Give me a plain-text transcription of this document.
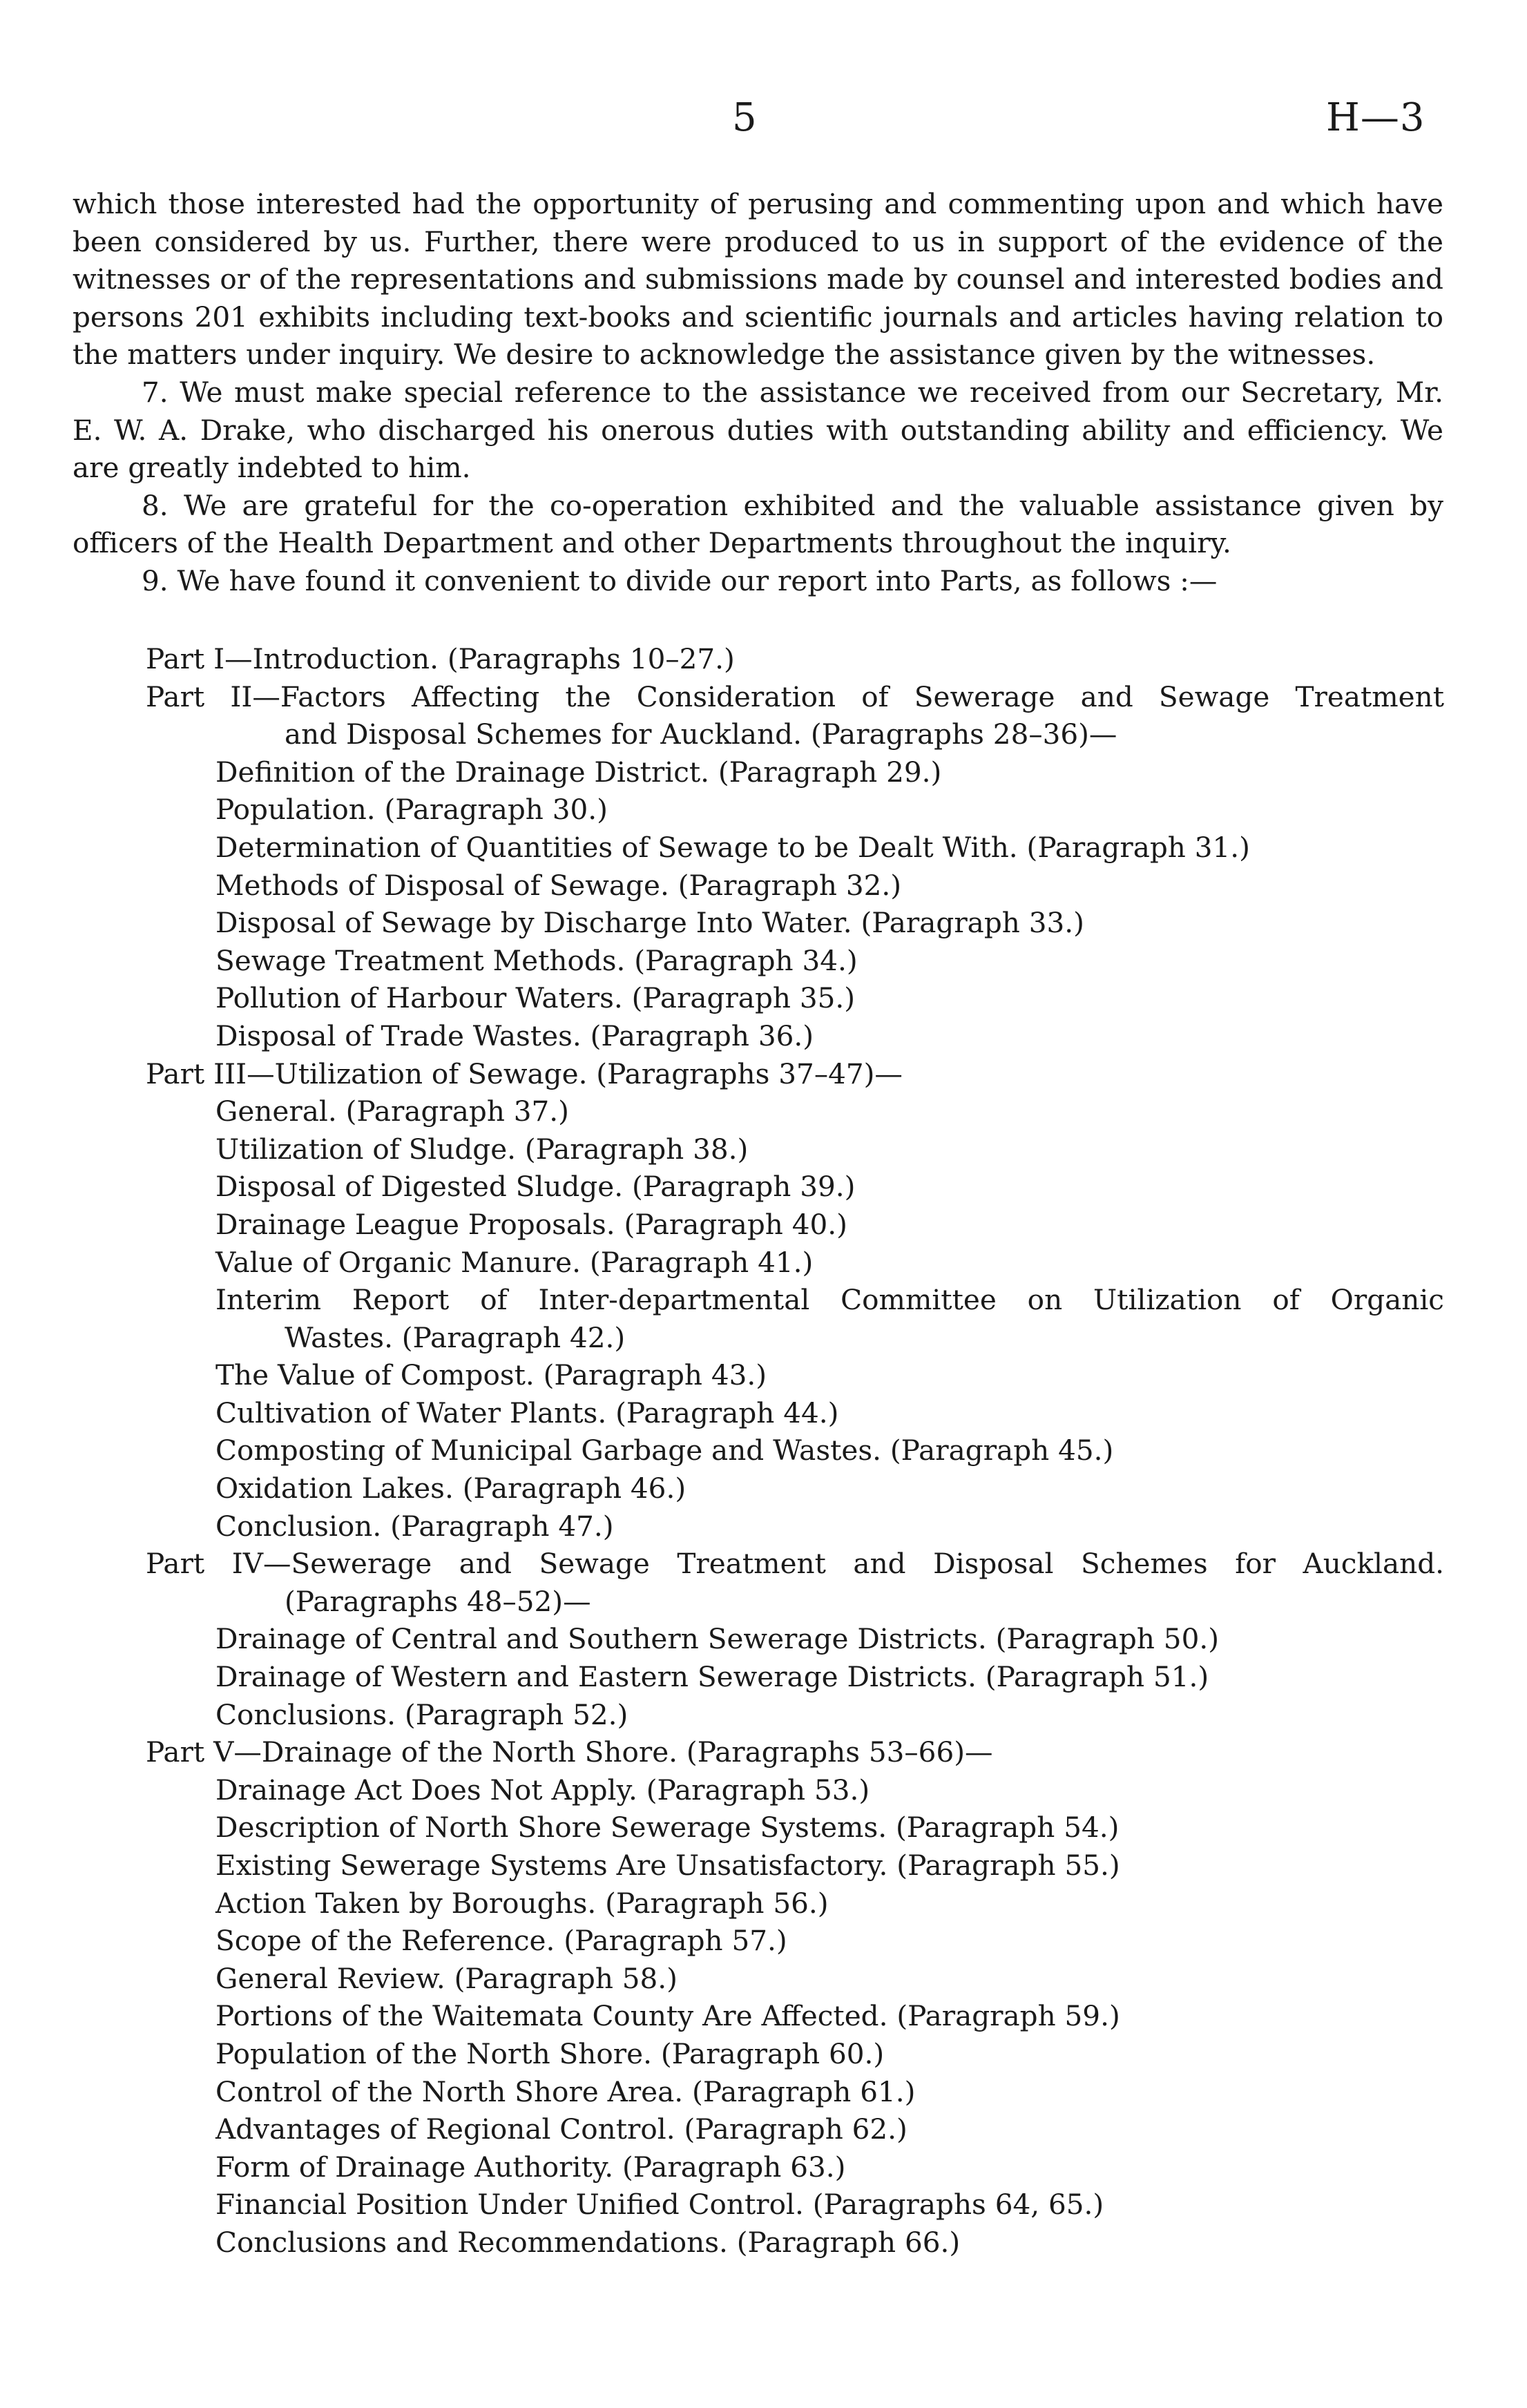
5	H—3

which those interested had the opportunity of perusing and commenting upon and which have been considered by us. Further, there were produced to us in support of the evidence of the witnesses or of the representations and submissions made by counsel and interested bodies and persons 201 exhibits including text-books and scientific journals and articles having relation to the matters under inquiry. We desire to acknowledge the assistance given by the witnesses.

7. We must make special reference to the assistance we received from our Secretary, Mr. E. W. A. Drake, who discharged his onerous duties with outstanding ability and efficiency. We are greatly indebted to him.

8. We are grateful for the co-operation exhibited and the valuable assistance given by officers of the Health Department and other Departments throughout the inquiry.

9. We have found it convenient to divide our report into Parts, as follows :—

Part I—Introduction. (Paragraphs 10–27.)
Part II—Factors Affecting the Consideration of Sewerage and Sewage Treatment
and Disposal Schemes for Auckland. (Paragraphs 28–36)—
Definition of the Drainage District. (Paragraph 29.)
Population. (Paragraph 30.)
Determination of Quantities of Sewage to be Dealt With. (Paragraph 31.)
Methods of Disposal of Sewage. (Paragraph 32.)
Disposal of Sewage by Discharge Into Water. (Paragraph 33.)
Sewage Treatment Methods. (Paragraph 34.)
Pollution of Harbour Waters. (Paragraph 35.)
Disposal of Trade Wastes. (Paragraph 36.)
Part III—Utilization of Sewage. (Paragraphs 37–47)—
General. (Paragraph 37.)
Utilization of Sludge. (Paragraph 38.)
Disposal of Digested Sludge. (Paragraph 39.)
Drainage League Proposals. (Paragraph 40.)
Value of Organic Manure. (Paragraph 41.)
Interim Report of Inter-departmental Committee on Utilization of Organic
Wastes. (Paragraph 42.)
The Value of Compost. (Paragraph 43.)
Cultivation of Water Plants. (Paragraph 44.)
Composting of Municipal Garbage and Wastes. (Paragraph 45.)
Oxidation Lakes. (Paragraph 46.)
Conclusion. (Paragraph 47.)
Part IV—Sewerage and Sewage Treatment and Disposal Schemes for Auckland.
(Paragraphs 48–52)—
Drainage of Central and Southern Sewerage Districts. (Paragraph 50.)
Drainage of Western and Eastern Sewerage Districts. (Paragraph 51.)
Conclusions. (Paragraph 52.)
Part V—Drainage of the North Shore. (Paragraphs 53–66)—
Drainage Act Does Not Apply. (Paragraph 53.)
Description of North Shore Sewerage Systems. (Paragraph 54.)
Existing Sewerage Systems Are Unsatisfactory. (Paragraph 55.)
Action Taken by Boroughs. (Paragraph 56.)
Scope of the Reference. (Paragraph 57.)
General Review. (Paragraph 58.)
Portions of the Waitemata County Are Affected. (Paragraph 59.)
Population of the North Shore. (Paragraph 60.)
Control of the North Shore Area. (Paragraph 61.)
Advantages of Regional Control. (Paragraph 62.)
Form of Drainage Authority. (Paragraph 63.)
Financial Position Under Unified Control. (Paragraphs 64, 65.)
Conclusions and Recommendations. (Paragraph 66.)
